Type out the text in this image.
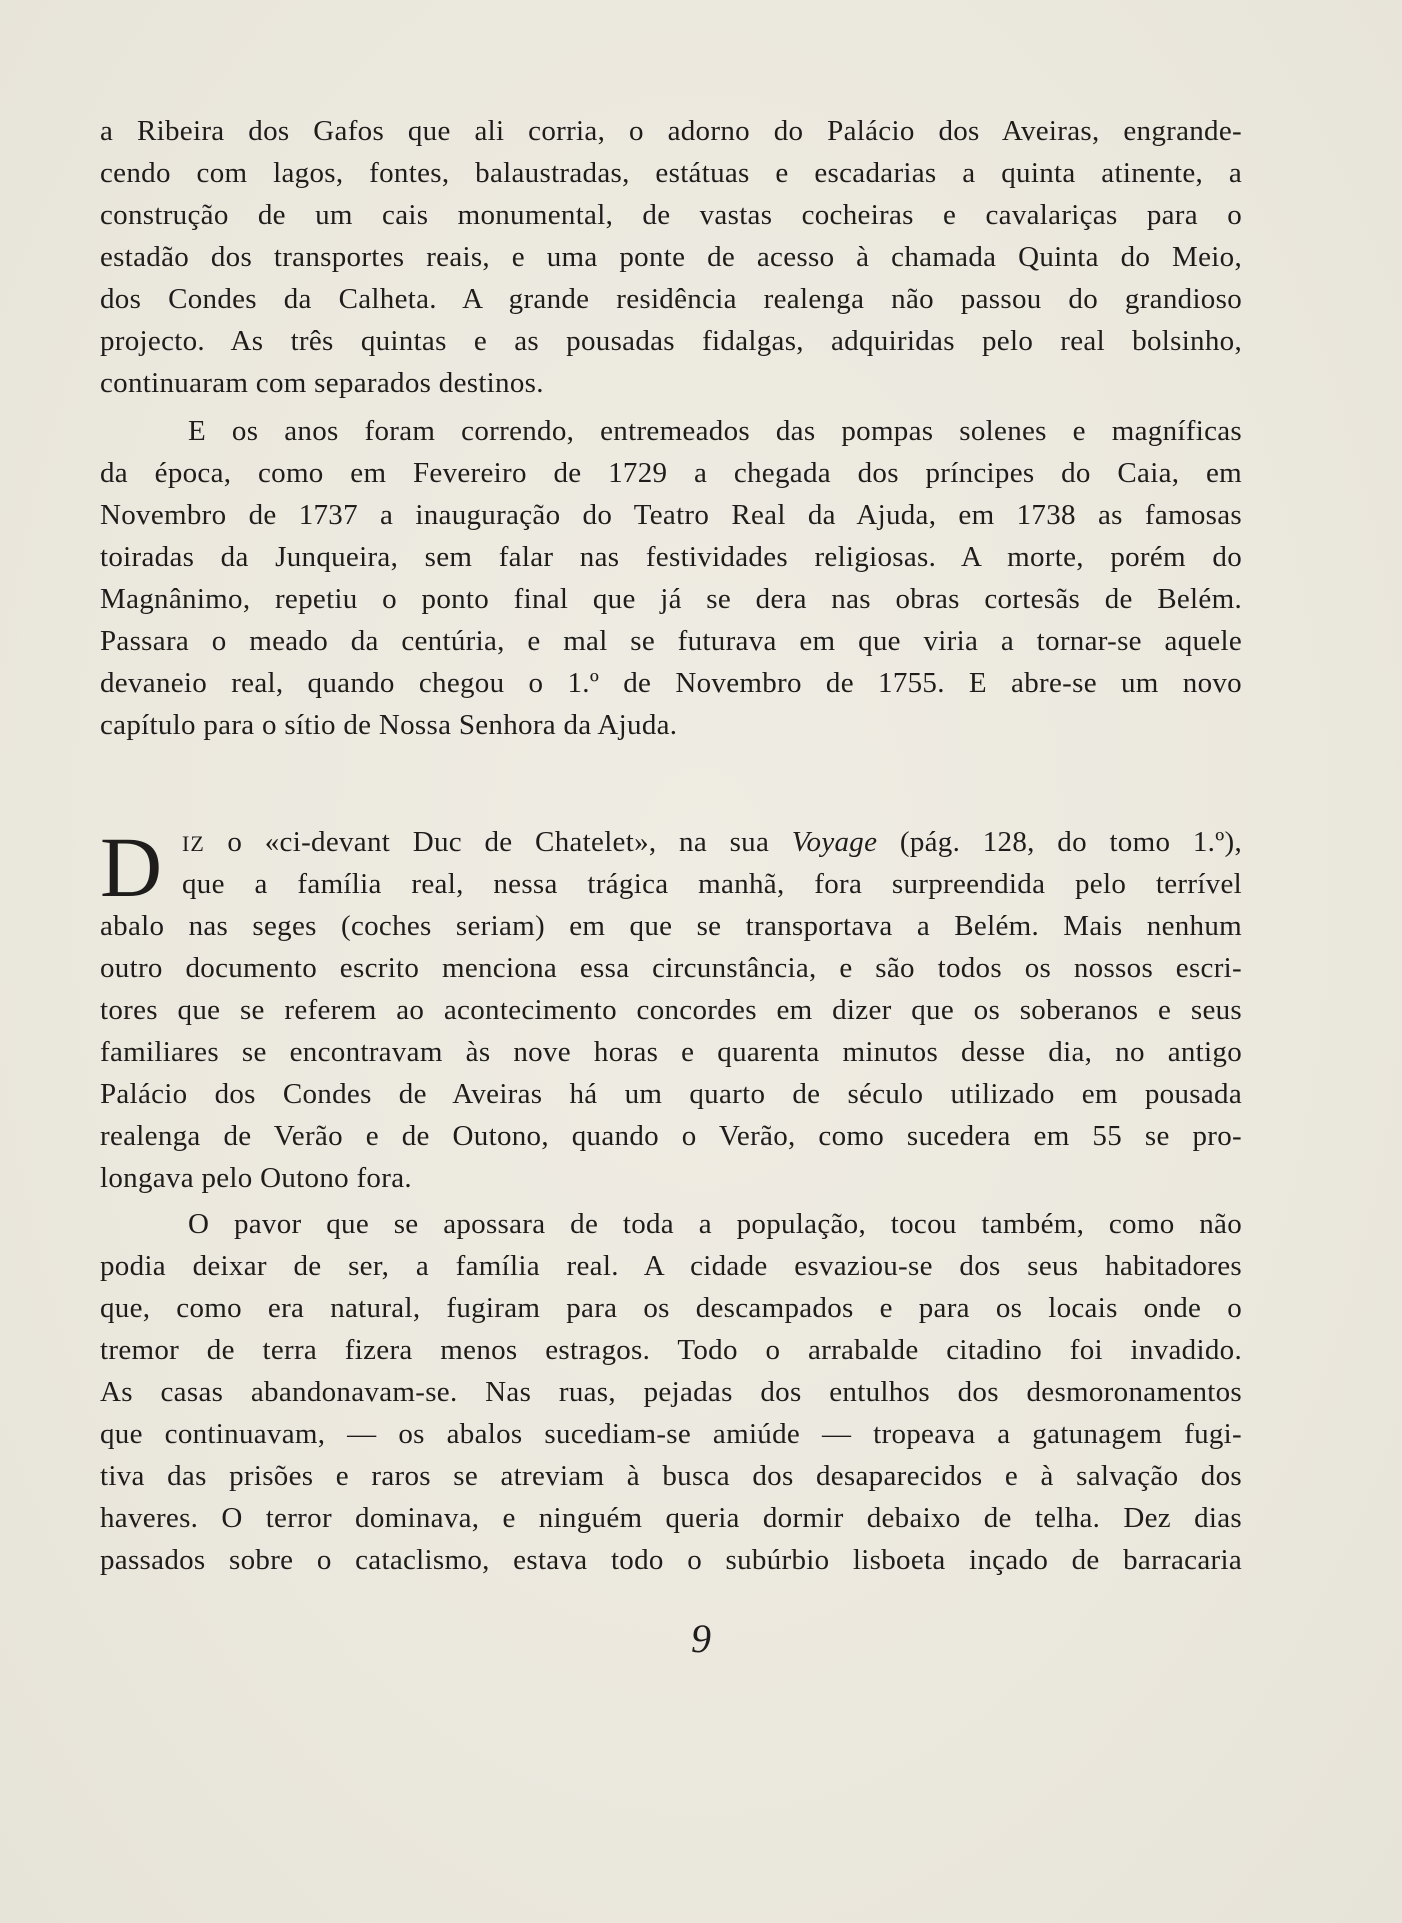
a Ribeira dos Gafos que ali corria, o adorno do Palácio dos Aveiras, engrande-
cendo com lagos, fontes, balaustradas, estátuas e escadarias a quinta atinente, a
construção de um cais monumental, de vastas cocheiras e cavalariças para o
estadão dos transportes reais, e uma ponte de acesso à chamada Quinta do Meio,
dos Condes da Calheta. A grande residência realenga não passou do grandioso
projecto. As três quintas e as pousadas fidalgas, adquiridas pelo real bolsinho,
continuaram com separados destinos.
E os anos foram correndo, entremeados das pompas solenes e magníficas
da época, como em Fevereiro de 1729 a chegada dos príncipes do Caia, em
Novembro de 1737 a inauguração do Teatro Real da Ajuda, em 1738 as famosas
toiradas da Junqueira, sem falar nas festividades religiosas. A morte, porém do
Magnânimo, repetiu o ponto final que já se dera nas obras cortesãs de Belém.
Passara o meado da centúria, e mal se futurava em que viria a tornar-se aquele
devaneio real, quando chegou o 1.º de Novembro de 1755. E abre-se um novo
capítulo para o sítio de Nossa Senhora da Ajuda.
D IZ o «ci-devant Duc de Chatelet», na sua Voyage (pág. 128, do tomo 1.º),
que a família real, nessa trágica manhã, fora surpreendida pelo terrível
abalo nas seges (coches seriam) em que se transportava a Belém. Mais nenhum
outro documento escrito menciona essa circunstância, e são todos os nossos escri-
tores que se referem ao acontecimento concordes em dizer que os soberanos e seus
familiares se encontravam às nove horas e quarenta minutos desse dia, no antigo
Palácio dos Condes de Aveiras há um quarto de século utilizado em pousada
realenga de Verão e de Outono, quando o Verão, como sucedera em 55 se pro-
longava pelo Outono fora.
O pavor que se apossara de toda a população, tocou também, como não
podia deixar de ser, a família real. A cidade esvaziou-se dos seus habitadores
que, como era natural, fugiram para os descampados e para os locais onde o
tremor de terra fizera menos estragos. Todo o arrabalde citadino foi invadido.
As casas abandonavam-se. Nas ruas, pejadas dos entulhos dos desmoronamentos
que continuavam, — os abalos sucediam-se amiúde — tropeava a gatunagem fugi-
tiva das prisões e raros se atreviam à busca dos desaparecidos e à salvação dos
haveres. O terror dominava, e ninguém queria dormir debaixo de telha. Dez dias
passados sobre o cataclismo, estava todo o subúrbio lisboeta inçado de barracaria
9
